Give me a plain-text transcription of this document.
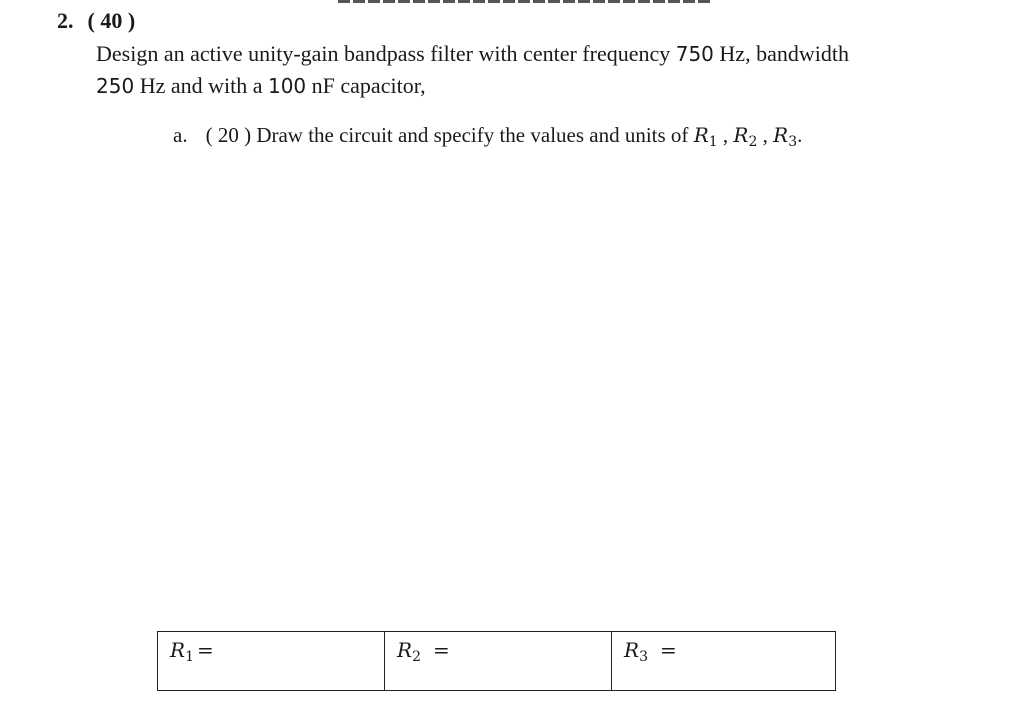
2. ( 40 )
Design an active unity-gain bandpass filter with center frequency 750 Hz, bandwidth
250 Hz and with a 100 nF capacitor,
a. ( 20 ) Draw the circuit and specify the values and units of $R_1$ , $R_2$ , $R_3$.
$R_1$ =	$R_2$ =	$R_3$ =
